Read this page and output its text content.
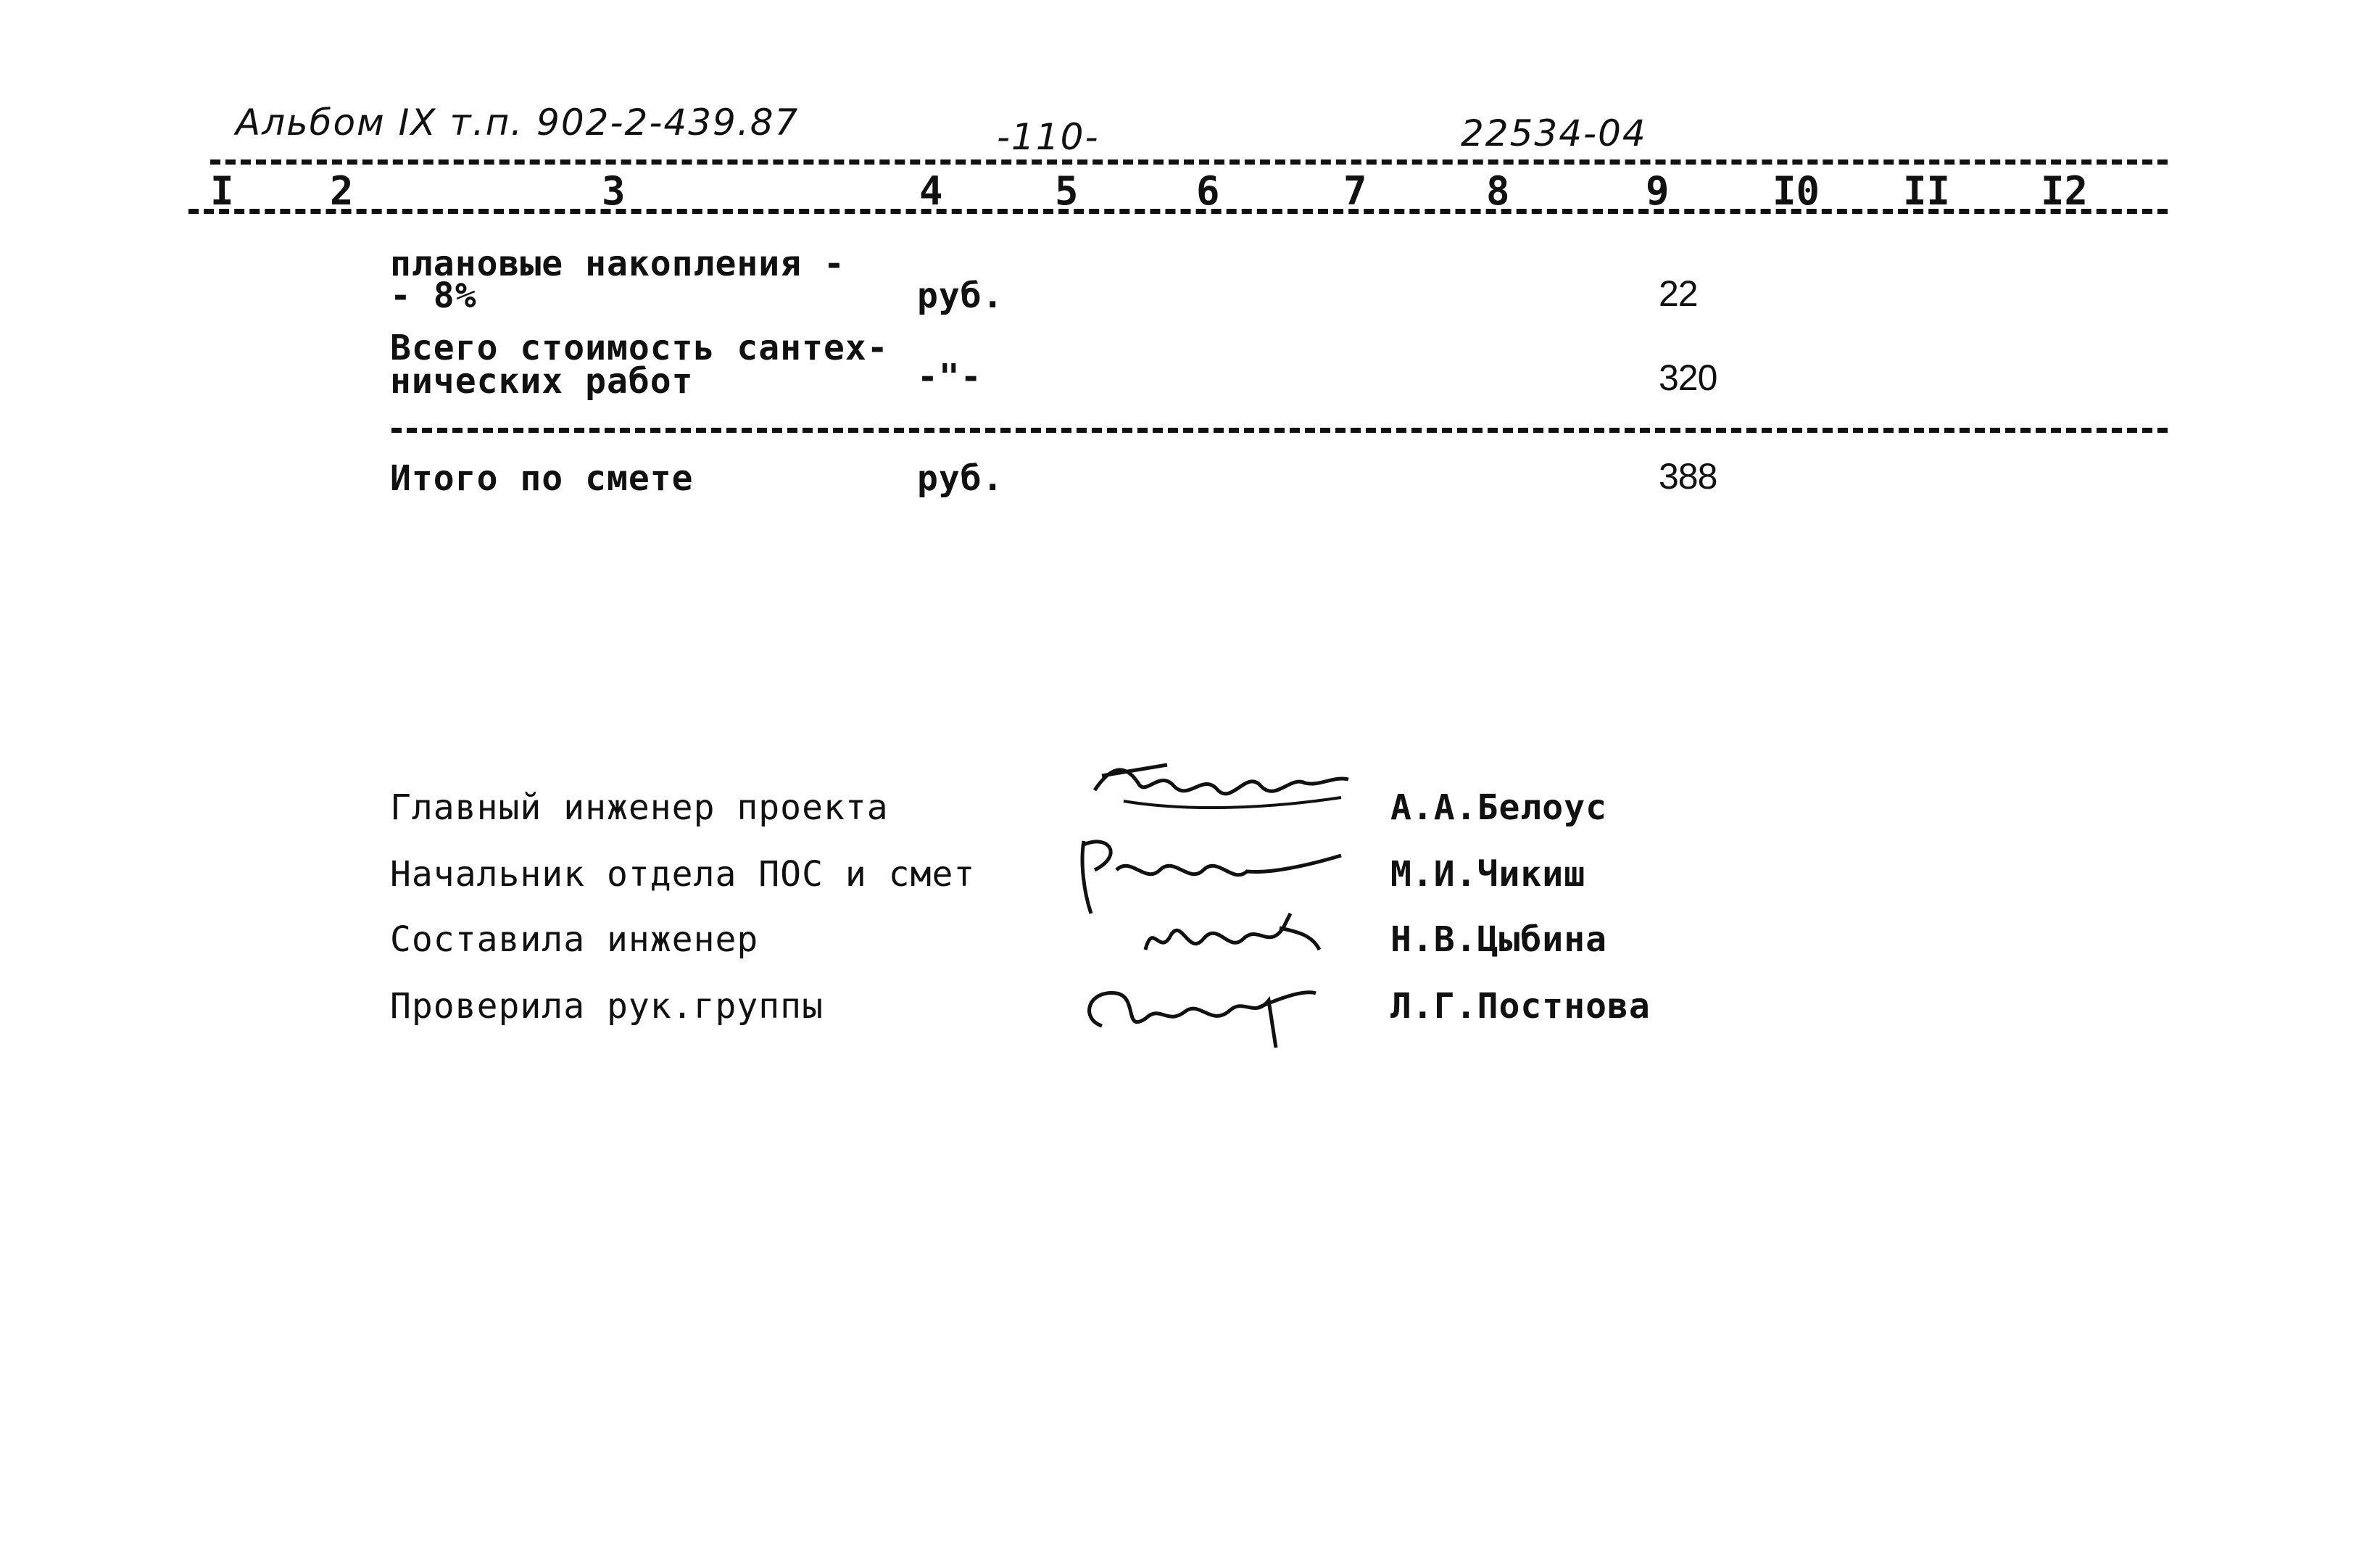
Альбом IX т.п. 902-2-439.87	-110-	22534-04
I 2	3	4	5	6	7	8	9	I0 II I2
плановые накопления -
- 8%	руб.	22
Всего стоимость сантех-
нических работ	-"-	320
Итого по смете	руб.	388
Главный инженер проекта	А.А.Белоус
Начальник отдела ПОС и смет	М.И.Чикиш
Составила инженер	Н.В.Цыбина
Проверила рук.группы	Л.Г.Постнова
